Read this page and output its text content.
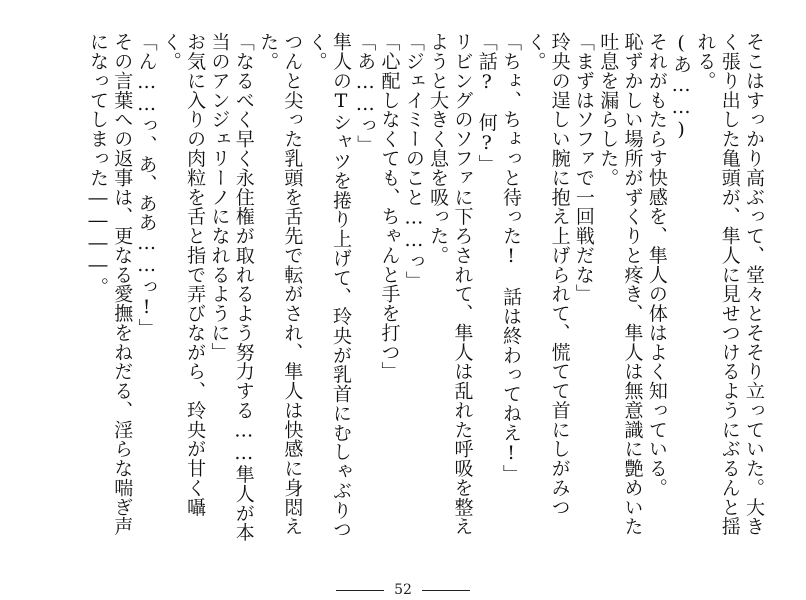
そこはすっかり高ぶって、堂々とそそり立っていた。大きく張り出した亀頭が、隼人に見せつけるようにぶるんと揺れる。

(あ……)

それがもたらす快感を、隼人の体はよく知っている。

恥ずかしい場所がずくりと疼き、隼人は無意識に艶めいた吐息を漏らした。

「まずはソファで一回戦だな」

玲央の逞しい腕に抱え上げられて、慌てて首にしがみつく。

「ちょ、ちょっと待った!　話は終わってねえ!」

「話?　何?」

リビングのソファに下ろされて、隼人は乱れた呼吸を整えようと大きく息を吸った。

「ジェイミーのこと……っ」

「心配しなくても、ちゃんと手を打つ」

「あ……っ」

隼人のTシャツを捲り上げて、玲央が乳首にむしゃぶりつく。

つんと尖った乳頭を舌先で転がされ、隼人は快感に身悶えた。

「なるべく早く永住権が取れるよう努力する……隼人が本当のアンジェリーノになれるように」

お気に入りの肉粒を舌と指で弄びながら、玲央が甘く囁く。

「ん……っ、あ、ああ……っ!」

その言葉への返事は、更なる愛撫をねだる、淫らな喘ぎ声になってしまった――――。

52
